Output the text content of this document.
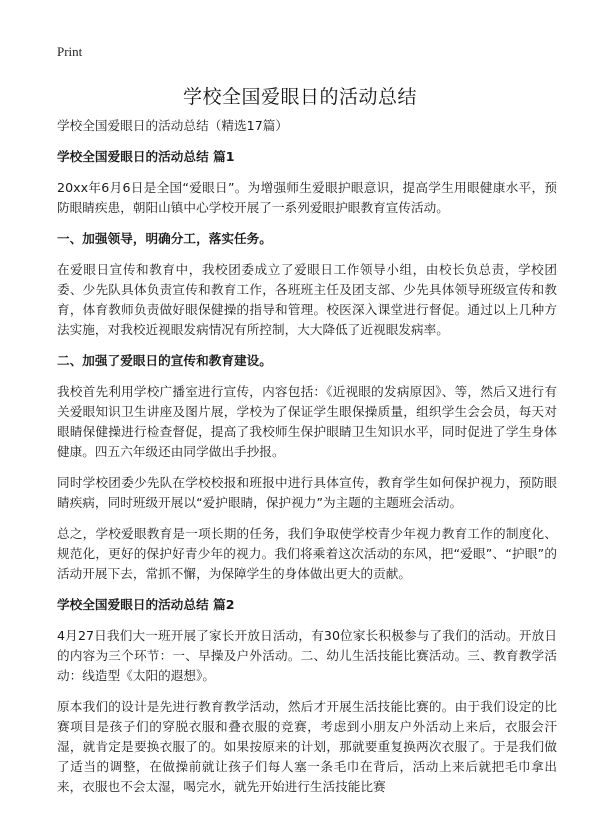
Print
学校全国爱眼日的活动总结

学校全国爱眼日的活动总结（精选17篇）

学校全国爱眼日的活动总结 篇1

20xx年6月6日是全国“爱眼日”。为增强师生爱眼护眼意识，提高学生用眼健康水平，预防眼睛疾患，朝阳山镇中心学校开展了一系列爱眼护眼教育宣传活动。

一、加强领导，明确分工，落实任务。

在爱眼日宣传和教育中，我校团委成立了爱眼日工作领导小组，由校长负总责，学校团委、少先队具体负责宣传和教育工作，各班班主任及团支部、少先具体领导班级宣传和教育，体育教师负责做好眼保健操的指导和管理。校医深入课堂进行督促。通过以上几种方法实施，对我校近视眼发病情况有所控制，大大降低了近视眼发病率。

二、加强了爱眼日的宣传和教育建设。

我校首先利用学校广播室进行宣传，内容包括：《近视眼的发病原因》、等，然后又进行有关爱眼知识卫生讲座及图片展，学校为了保证学生眼保操质量，组织学生会会员，每天对眼睛保健操进行检查督促，提高了我校师生保护眼睛卫生知识水平，同时促进了学生身体健康。四五六年级还由同学做出手抄报。

同时学校团委少先队在学校校报和班报中进行具体宣传，教育学生如何保护视力，预防眼睛疾病，同时班级开展以“爱护眼睛，保护视力”为主题的主题班会活动。

总之，学校爱眼教育是一项长期的任务，我们争取使学校青少年视力教育工作的制度化、规范化，更好的保护好青少年的视力。我们将乘着这次活动的东风，把“爱眼”、“护眼”的活动开展下去，常抓不懈，为保障学生的身体做出更大的贡献。

学校全国爱眼日的活动总结 篇2

4月27日我们大一班开展了家长开放日活动，有30位家长积极参与了我们的活动。开放日的内容为三个环节：一、早操及户外活动。二、幼儿生活技能比赛活动。三、教育教学活动：线造型《太阳的遐想》。

原本我们的设计是先进行教育教学活动，然后才开展生活技能比赛的。由于我们设定的比赛项目是孩子们的穿脱衣服和叠衣服的竞赛，考虑到小朋友户外活动上来后，衣服会汗湿，就肯定是要换衣服了的。如果按原来的计划，那就要重复换两次衣服了。于是我们做了适当的调整，在做操前就让孩子们每人塞一条毛巾在背后，活动上来后就把毛巾拿出来，衣服也不会太湿，喝完水，就先开始进行生活技能比赛
